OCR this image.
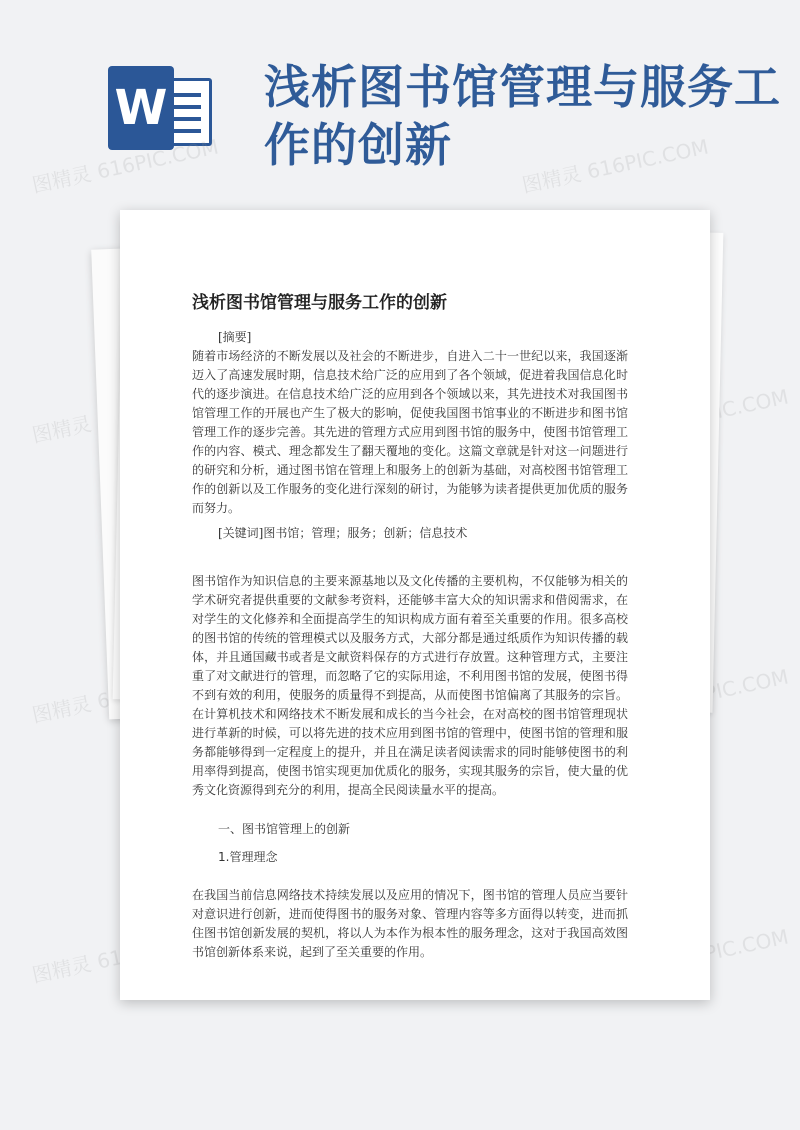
W 浅析图书馆管理与服务工作的创新
图精灵 616PIC.COM	图精灵 616PIC.COM
图精灵	616PIC.COM
图精灵	616PIC.COM
图精灵	616PIC.COM
浅析图书馆管理与服务工作的创新
[摘要]

随着市场经济的不断发展以及社会的不断进步，自进入二十一世纪以来，我国逐渐迈入了高速发展时期，信息技术给广泛的应用到了各个领域，促进着我国信息化时代的逐步演进。在信息技术给广泛的应用到各个领域以来，其先进技术对我国图书馆管理工作的开展也产生了极大的影响，促使我国图书馆事业的不断进步和图书馆管理工作的逐步完善。其先进的管理方式应用到图书馆的服务中，使图书馆管理工作的内容、模式、理念都发生了翻天覆地的变化。这篇文章就是针对这一问题进行的研究和分析，通过图书馆在管理上和服务上的创新为基础，对高校图书馆管理工作的创新以及工作服务的变化进行深刻的研讨，为能够为读者提供更加优质的服务而努力。

[关键词]图书馆；管理；服务；创新；信息技术

图书馆作为知识信息的主要来源基地以及文化传播的主要机构，不仅能够为相关的学术研究者提供重要的文献参考资料，还能够丰富大众的知识需求和借阅需求，在对学生的文化修养和全面提高学生的知识构成方面有着至关重要的作用。很多高校的图书馆的传统的管理模式以及服务方式，大部分都是通过纸质作为知识传播的载体，并且通国藏书或者是文献资料保存的方式进行存放置。这种管理方式，主要注重了对文献进行的管理，而忽略了它的实际用途，不利用图书馆的发展，使图书得不到有效的利用，使服务的质量得不到提高，从而使图书馆偏离了其服务的宗旨。在计算机技术和网络技术不断发展和成长的当今社会，在对高校的图书馆管理现状进行革新的时候，可以将先进的技术应用到图书馆的管理中，使图书馆的管理和服务都能够得到一定程度上的提升，并且在满足读者阅读需求的同时能够使图书的利用率得到提高，使图书馆实现更加优质化的服务，实现其服务的宗旨，使大量的优秀文化资源得到充分的利用，提高全民阅读量水平的提高。

一、图书馆管理上的创新

1.管理理念

在我国当前信息网络技术持续发展以及应用的情况下，图书馆的管理人员应当要针对意识进行创新，进而使得图书的服务对象、管理内容等多方面得以转变，进而抓住图书馆创新发展的契机，将以人为本作为根本性的服务理念，这对于我国高效图书馆创新体系来说，起到了至关重要的作用。
